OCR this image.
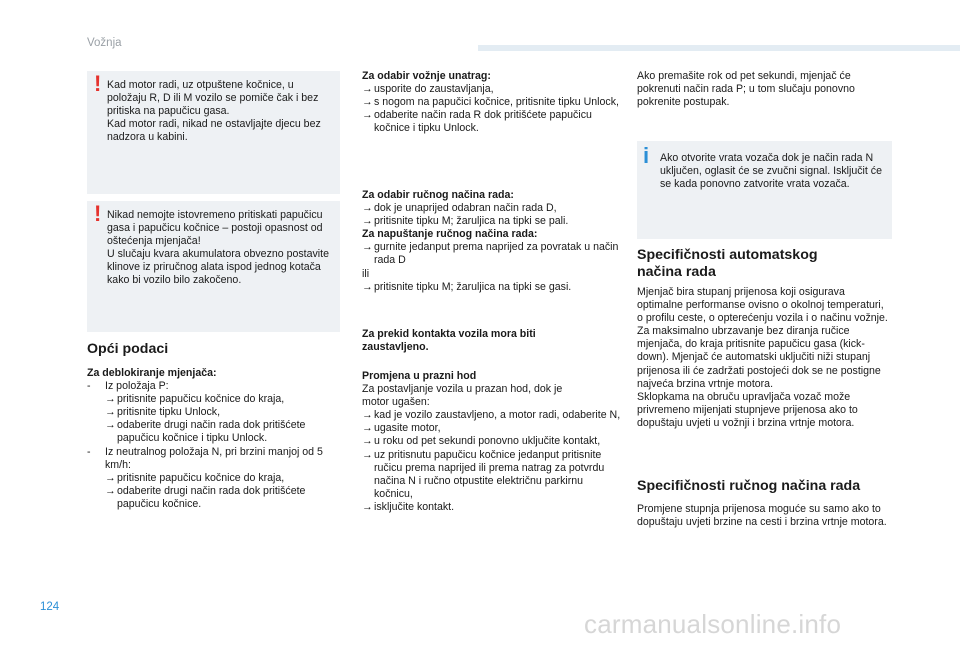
Vožnja
! Kad motor radi, uz otpuštene kočnice, u položaju R, D ili M vozilo se pomiče čak i bez pritiska na papučicu gasa.
Kad motor radi, nikad ne ostavljajte djecu bez nadzora u kabini.
! Nikad nemojte istovremeno pritiskati papučicu gasa i papučicu kočnice – postoji opasnost od oštećenja mjenjača!
U slučaju kvara akumulatora obvezno postavite klinove iz priručnog alata ispod jednog kotača kako bi vozilo bilo zakočeno.
Opći podaci
Za deblokiranje mjenjača:
- Iz položaja P:
→ pritisnite papučicu kočnice do kraja,
→ pritisnite tipku Unlock,
→ odaberite drugi način rada dok pritišćete papučicu kočnice i tipku Unlock.
- Iz neutralnog položaja N, pri brzini manjoj od 5 km/h:
→ pritisnite papučicu kočnice do kraja,
→ odaberite drugi način rada dok pritišćete papučicu kočnice.
Za odabir vožnje unatrag:
→ usporite do zaustavljanja,
→ s nogom na papučici kočnice, pritisnite tipku Unlock,
→ odaberite način rada R dok pritišćete papučicu kočnice i tipku Unlock.
Za odabir ručnog načina rada:
→ dok je unaprijed odabran način rada D,
→ pritisnite tipku M; žaruljica na tipki se pali.
Za napuštanje ručnog načina rada:
→ gurnite jedanput prema naprijed za povratak u način rada D
ili
→ pritisnite tipku M; žaruljica na tipki se gasi.
Za prekid kontakta vozila mora biti zaustavljeno.
Promjena u prazni hod
Za postavljanje vozila u prazan hod, dok je motor ugašen:
→ kad je vozilo zaustavljeno, a motor radi, odaberite N,
→ ugasite motor,
→ u roku od pet sekundi ponovno uključite kontakt,
→ uz pritisnutu papučicu kočnice jedanput pritisnite ručicu prema naprijed ili prema natrag za potvrdu načina N i ručno otpustite električnu parkirnu kočnicu,
→ isključite kontakt.
Ako premašite rok od pet sekundi, mjenjač će pokrenuti način rada P; u tom slučaju ponovno pokrenite postupak.
i Ako otvorite vrata vozača dok je način rada N uključen, oglasit će se zvučni signal. Isključit će se kada ponovno zatvorite vrata vozača.
Specifičnosti automatskog
načina rada
Mjenjač bira stupanj prijenosa koji osigurava optimalne performanse ovisno o okolnoj temperaturi, o profilu ceste, o opterećenju vozila i o načinu vožnje.
Za maksimalno ubrzavanje bez diranja ručice mjenjača, do kraja pritisnite papučicu gasa (kick-down). Mjenjač će automatski uključiti niži stupanj prijenosa ili će zadržati postojeći dok se ne postigne najveća brzina vrtnje motora.
Sklopkama na obruču upravljača vozač može privremeno mijenjati stupnjeve prijenosa ako to dopuštaju uvjeti u vožnji i brzina vrtnje motora.
Specifičnosti ručnog načina rada
Promjene stupnja prijenosa moguće su samo ako to dopuštaju uvjeti brzine na cesti i brzina vrtnje motora.
124
carmanualsonline.info
